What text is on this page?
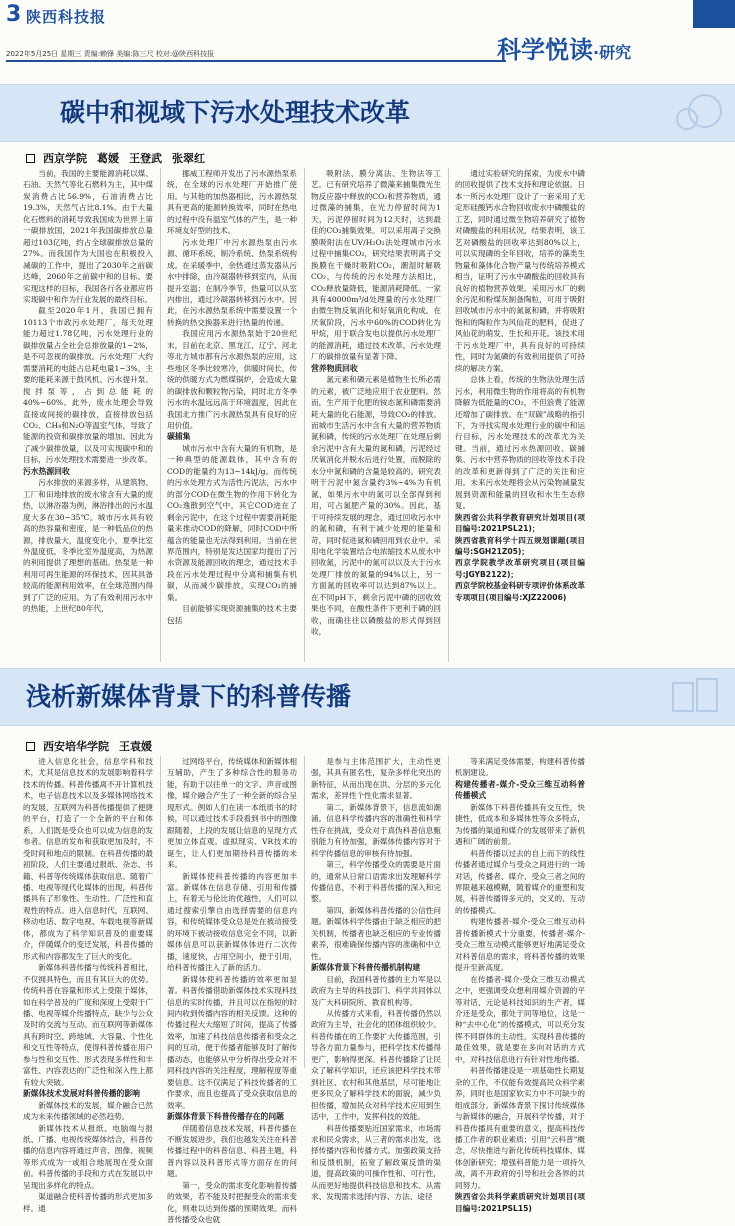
3 陕西科技报
2022年5月25日 星期三 责编:赖锋 美编:陈三尺 校对:@陕西科技报	科学悦读·研究
碳中和视域下污水处理技术改革
西京学院 葛媛 王登武 张翠红

当前，我国的主要能源消耗以煤、石油、天然气等化石燃料为主，其中煤炭消费占比56.9%，石油消费占比19.3%，天然气占比8.1%。由于大量化石燃料的消耗导致我国成为世界上第一碳排放国，2021年我国碳排放总量超过103亿吨，约占全球碳排放总量的27%。而我国作为大国也在积极投入减碳的工作中，提出了2030年之前碳达峰，2060年之前碳中和的目标。要实现这样的目标，我国各行各业都应将实现碳中和作为行业发展的最终目标。

截至2020年1月，我国已拥有10113个市政污水处理厂，每天处理能力超过1.78亿吨，污水处理行业的碳排放量占全社会总排放量的1~2%，是不可忽视的碳排放。污水处理厂大约需要消耗的电能占总耗电量1~3%，主要的能耗来源于鼓风机、污水提升泵、搅拌泵等，占到总能耗的40%~60%。此外，废水处理会导致直接或间接的碳排放，直接排放包括CO₂、CH₄和N₂O等温室气体，导致了能源的投资和碳排放量的增加。因此为了减少碳排放量，以及可实现碳中和的目标，污水处理技术需要进一步改革。

污水热源回收

污水排放的来源多样，从建筑物、工厂和田地排放的废水常含有大量的废热，以淋浴器为例，淋浴排出的污水温度大多在30~35℃。城市污水具有较高的热容量和密度，是一种低品位的热源，排放量大，温度变化小，夏季比室外温度低，冬季比室外温度高，为热源的利用提供了理想的基础。热泵是一种利用可再生能源的环保技术，因其具备较高的能源利用效率，在全球范围内得到了广泛的应用。为了有效利用污水中的热能，上世纪80年代，

挪威工程师开发出了污水源热泵系统，在全球的污水处理厂开始推广使用。与其他的加热器相比，污水源热泵具有更高的能源转换效率，同时在热电的过程中没有温室气体的产生，是一种环境友好型的技术。

污水处理厂中污水源热泵由污水源、循环系统、制冷系统、热泵系统构成。在采暖季中，余热通过蒸发器从污水中排除，由冷凝器转移到室内，从而提升室温；在制冷季节，热量可以从室内排出，通过冷凝器转移到污水中。因此，在污水源热泵系统中需要设置一个转换的热交换器来进行热量的传递。

我国应用污水源热泵始于20世纪末，目前在北京、黑龙江、辽宁、河北等北方城市都有污水源热泵的应用，这些地区冬季比较寒冷，供暖时间长，传统的供暖方式为燃煤锅炉，会造成大量的碳排放和颗粒物污染，同时北方冬季污水的水温远远高于环境温度，因此在我国北方推广污水源热泵具有良好的应用价值。

碳捕集

城市污水中含有大量的有机物，是一种典型的能源载体，其中含有的COD的能量约为13~14kJ/g。而传统的污水处理方式为活性污泥法，污水中的部分COD在微生物的作用下转化为CO₂逸散到空气中，其它COD进在了剩余污泥中，在这个过程中需要消耗能量来推动COD的降解，同时COD中所蕴含的能量也无法得到利用。当前在世界范围内，特别是发达国家均提出了污水资源及能源回收的理念，通过技术手段在污水处理过程中分离和捕集有机碳，从而减少碳排放，实现CO₂的捕集。

目前能够实现资源捕集的技术主要包括

吸附法、膜分离法、生物法等工艺。已有研究培养了微藻来捕集微光生物反应器中释放的CO₂和营养物质，通过微藻的捕集，在光力停留时间为1天，污泥停留时间为12天时，达到最佳的CO₂捕集效果。可以采用离子交换膜吸附法在UV/H₂O₂法处理城市污水过程中捕集CO₂，研究结果表明离子交换膜在干燥时吸附CO₂，潮湿时解吸CO₂，与传统的污水处理方法相比，CO₂释放量降低，能源消耗降低。一家具有40000m³/d处理量的污水处理厂由微生物反氧消化和好氧消化构成，在厌氧阶段，污水中60%的COD转化为甲烷，用于联合发电以提供污水处理厂的能源消耗，通过技术改革，污水处理厂的碳排放量有显著下降。

营养物质回收

氮元素和磷元素是植物生长所必需的元素，被广泛地应用于农业肥料。然而，生产用于化肥的铵态氮和磷需要消耗大量的化石能源，导致CO₂的排放。而城市生活污水中含有大量的营养物质氮和磷，传统的污水处理厂在处理后剩余污泥中含有大量的氮和磷，污泥经过厌氧消化并脱水后进行处置，而脱除的水分中氮和磷的含量是较高的。研究表明干污泥中氮含量约3%~4%为有机氮，如果污水中的氮可以全部得到利用，可占氮肥产量的30%。因此，基于可持续发展的理念，通过回收污水中的氮和磷，有利于减少处理的能量和苛，同时促进氮和磷回用到农业中。采用电化学装置结合电浓缩技术从废水中回收氮，污泥中的氮可以以及大于污水处理厂排放的氮量的94%以上，另一方面氮的回收率可以达到87%以上。在不同pH下，剩余污泥中磷的回收效果也不同，在酸性条件下更利于磷的回收，而确往往以磷酸盐的形式得到回收，

通过实验研究的探索，为废水中磷的回收提供了技术支持和理论依据。日本一所污水处理厂设计了一套采用了无定形硅酸钙水合物回收废水中磷酸盐的工艺，同时通过微生物培养研究了植物对磷酸盐的利用状况，结果表明，该工艺对磷酸盐的回收率达到80%以上，可以实现磷的全年回收，培养的藻类生物量和藻体化合物产量与传统培养模式相当，证明了污水中磷酸盐的回收具有良好的植物营养效果。采用污水厂的剩余污泥和粉煤灰制备陶粒，可用于吸附回收城市污水中的氮氮和磷，并将吸附饱和的陶粒作为风仙花的肥料，促进了风仙花的萌发、生长和开花。该技术用于污水处理厂中，具有良好的可持续性，同时为氮磷的有效利用提供了可持续的解决方案。

总体上看，传统的生物法处理生活污水，利用微生物的作用将高的有机物降解为低能量的CO₂，不但浪费了能源还增加了碳排放。在“双碳”战略的指引下，为寻找实现水处理行业的碳中和运行目标，污水处理技术的改革尤为关键。当前，通过污水热源回收、碳捕集、污水中营养物质的回收等技术手段的改革和更新得到了广泛的关注和应用。未来污水处理将会从污染物减量发展到资源和能量的回收和水生生态修复。

陕西省公共科学教育研究计划项目(项目编号:2021PSL21)；
陕西省教育科学十四五规划课题(项目编号:SGH21Z05)；
西京学院教学改革研究项目(项目编号:JGYB2122)；
西京学院校基金科研专项评价体系改革专项项目(项目编号:XJZ22006)
浅析新媒体背景下的科普传播
西安培华学院 王袁媛

进入信息化社会，信息学科和技术，尤其是信息技术的发展影响着科学技术的传播。科普传播离不开计算机技术，电子信息技术以及多媒体网络技术的发展，互联网为科普传播提供了便捷的平台，打造了一个全新的平台和体系，人们既是受众也可以成为信息的发布者。信息的发布和获取更加及时，不受时间和地点的限制。在科普传播的最初阶段，人们主要通过报纸、杂志、书籍、科普等传统媒体获取信息。随着广播、电视等现代化媒体的出现，科普传播具有了形象性、生动性、广泛性和直观性的特点。进入信息时代，互联网、移动电话、数字电视、车载电视等新媒体，都成为了科学知识普及的重要媒介，伴随媒介的变迁发展，科普传播的形式和内容都发生了巨大的变化。

新媒体科普传播与传统科普相比，不仅拥具特色，而且有其巨大的优势。传统科普在容量和形式上受限于媒体，如在科学普及的广度和深度上受限于广播、电视等媒介传播特点，缺少与公众及时的交流与互动。而互联网等新媒体具有跨时空、跨地域、大容量、个性化和交互性等特点，使得科普传播在用户参与性和交互性、形式表现多样性和丰富性、内容表达的广泛性和深入性上都有较大突破。

新媒体技术发展对科普传播的影响

新媒体技术的发展，媒介融合已然成为未来传播领域的必然趋势。

新媒体技术从报纸、电脑端与报纸、广播、电视传统媒体结合，科普传播的信息内容将通过声音、图像、视频等形式成为一或组合地展现在受众面前。科普传播的手段和方式在发展以中呈现出多样化的特点。

渠道融合使科普传播的形式更加多样。通

过网络平台，传统媒体和新媒体相互辅助，产生了多种综合性的服务功能，有助于以往单一的文字、声音或图像，媒介融合产生了一种全新的综合呈现形式。例如人们在读一本纸质书的时候，可以通过技术手段看到书中的图像跟随着，上段的发展让信息的呈现方式更加立体直观。虚拟现实、VR技术的诞生，让人们更加期待科普传播的未来。

新媒体使科普传播的内容更加丰富。新媒体在信息存储、引用和传播上，有着无与伦比的优越性，人们可以通过搜索引擎自由选择需要的信息内容，和传统媒体受众总是处在被动接受的环境下被动接收信息完全不同，以新媒体信息可以获新媒体体进行二次传播，速度快，占用空间小，便于引用，给科普传播注入了新的活力。

新媒体使科普传播的效率更加显著。科普传播借助新媒体技术实现科技信息的实时传播，并且可以在指短的时间内收到传播内容的相关反馈。这种的传播过程大大缩短了时间，提高了传播效率，加速了科技信息传播者和受众之间的互动，便于传播者能够及时了解传播动态，也能够从中分析得出受众对不同科技内容的关注程度，理解程度等重要信息。这不仅满足了科技传播者的工作要求，而且也提高了受众获取信息的效率。

新媒体背景下科普传播存在的问题

伴随着信息技术发展，科普传播在不断发展进步，我们也越发关注在科普传播过程中的科普信息、科普主题，科普内容以及科普形式等方面存在的问题。

第一，受众的需求变化影响着传播的效果，若不能及时把握受众的需求变化，则难以达到传播的预期效果。而科普传播受众也就

是参与主体范围扩大，主动性更强，其具有匿名性，复杂多样化突出的新特征，从而出现在洪、分层的多元化需求，差异性个性化需求显著。

第二，新媒体背景下，信息流如潮涌。信息科学传播内容的准确性和科学性存在挑战，受众对于真伪科普信息甄别能力有待加强，新媒体传播内容对于科学传播信息的审核有待加强。

第三，科学传播受众的需要是片面的，通常从日常口语需求出发理解科学传播信息，不利于科普传播的深入和完整。

第四，新媒体科普传播的公信性问题。新媒体科学传播由于缺乏相应的把关机制，传播者也缺乏相应的专业传播素养，很难确保传播内容的准确和中立性。

新媒体背景下科普传播机制构建

目前，我国科普传播的主力军是以政府为主导的科技部门、科学共同体以及广大科研院所、教育机构等。

从传播方式来看，科普传播仍然以政府为主导，社会化的团体组织较少。科普传播在的工作要扩大传播范围，引导各方面力量参与，把科学技术传播得更广，影响得更深。科普传播除了让民众了解科学知识，还应该把科学技术带到社区、农村和其他基层，尽可能地让更多民众了解科学技术的面貌，减少负担传播，增加民众对科学技术应用到生活中，工作中，发挥科技的效能。

科普传播要贴近国家需求，市场需求和民众需求，从三者的需求出发，选择传播内容和传播方式。加强政策支持和反馈机制，拓宽了解政策反馈的渠道，提高政策的可操作性和、可行性，从而更好地提供科技信息和技术、从需求、发现需求选择内容、方法、途径

等来满足受体需要，构建科普传播机制建设。

构建传播者-媒介-受众三维互动科普传播模式

新媒体下科普传播具有交互性，快捷性，低成本和多媒体性等众多特点，为传播的渠道和媒介的发展带来了新机遇和广阔的前景。

科普传播以过去的自上而下的线性传播者通过媒介与受众之间进行的一场对话，传播者、媒介、受众三者之间的界限越来越模糊，随着媒介的重塑和发展，科普传播得多元的，交叉的、互动的传播模式。

构建传播者-媒介-受众三维互动科普传播新模式十分重要，传播者-媒介-受众三维互动模式能够更好地满足受众对科普信息的需求，将科普传播的效果提升至新高度。

在传播者-媒介-受众三维互动模式之中，更强调受众想利用媒介资源的平等对话，元论是科技知识的生产者，媒介还是受众，都处于同等地位，这是一种“去中心化”的传播模式，可以充分发挥不同群体的主动性，实现科普传播的最佳效果，就是要在多向对话的方式中，对科技信息进行有针对性地传播。

科普传播建设是一项基础性长期复杂的工作，不仅能有效提高民众科学素养，同时也是国家软实力中不可缺少的组成部分。新媒体背景下探讨传统媒体与新媒体的融合，开展科学传播，对于科普传播具有重要的意义，提高科技传播工作者的职业素质；引用“云科普”概念，尽快推进与新化传统科技媒体、媒体创新研究；增强科普能力是一项持久战，离不开政府的引导和社会各界的共同努力。

陕西省公共科学素质研究计划项目(项目编号:2021PSL15)
